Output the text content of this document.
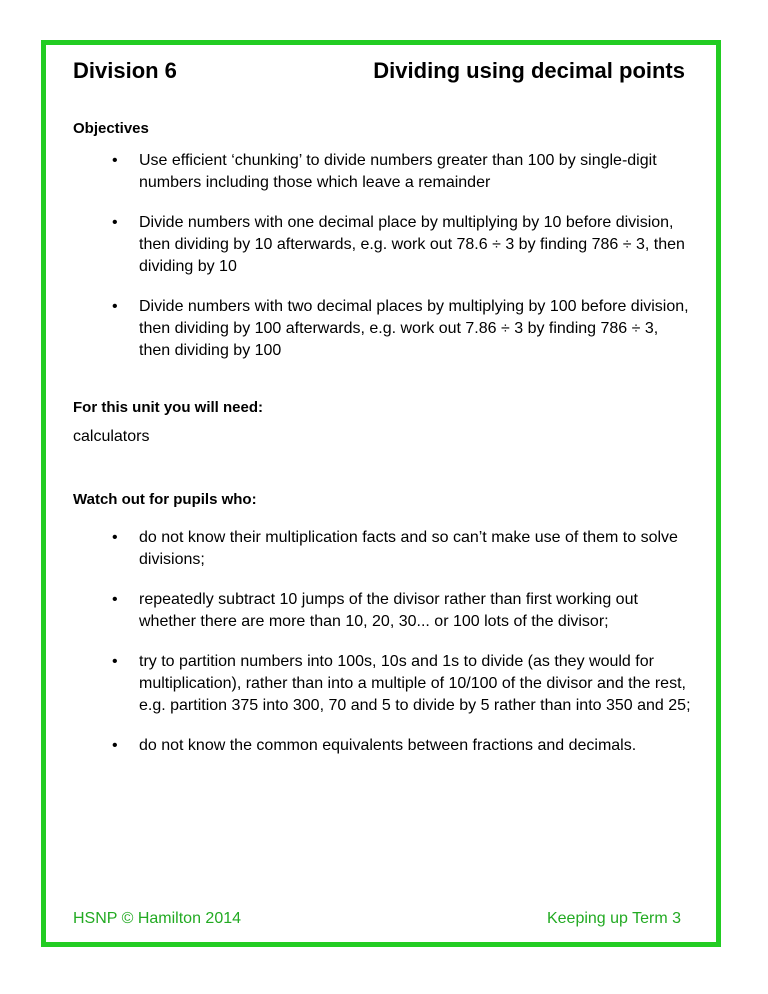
Division 6	Dividing using decimal points
Objectives
• Use efficient ‘chunking’ to divide numbers greater than 100 by single-digit numbers including those which leave a remainder
• Divide numbers with one decimal place by multiplying by 10 before division, then dividing by 10 afterwards, e.g. work out 78.6 ÷ 3 by finding 786 ÷ 3, then dividing by 10
• Divide numbers with two decimal places by multiplying by 100 before division, then dividing by 100 afterwards, e.g. work out 7.86 ÷ 3 by finding 786 ÷ 3, then dividing by 100
For this unit you will need:
calculators
Watch out for pupils who:
• do not know their multiplication facts and so can’t make use of them to solve divisions;
• repeatedly subtract 10 jumps of the divisor rather than first working out whether there are more than 10, 20, 30... or 100 lots of the divisor;
• try to partition numbers into 100s, 10s and 1s to divide (as they would for multiplication), rather than into a multiple of 10/100 of the divisor and the rest, e.g. partition 375 into 300, 70 and 5 to divide by 5 rather than into 350 and 25;
• do not know the common equivalents between fractions and decimals.
HSNP © Hamilton 2014	Keeping up Term 3
